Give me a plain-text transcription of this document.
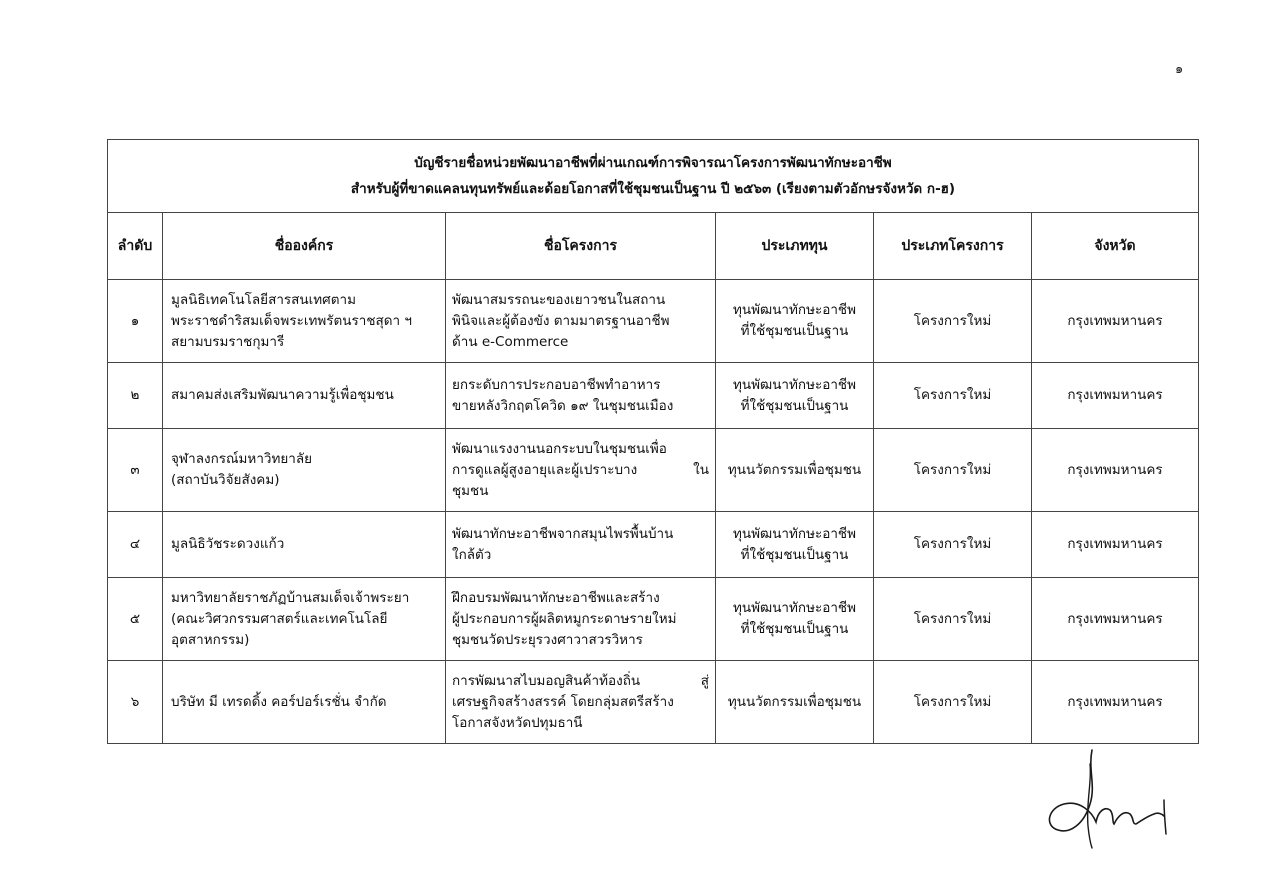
๑
บัญชีรายชื่อหน่วยพัฒนาอาชีพที่ผ่านเกณฑ์การพิจารณาโครงการพัฒนาทักษะอาชีพ
สำหรับผู้ที่ขาดแคลนทุนทรัพย์และด้อยโอกาสที่ใช้ชุมชนเป็นฐาน ปี ๒๕๖๓ (เรียงตามตัวอักษรจังหวัด ก-ฮ)					

ลำดับ	ชื่อองค์กร	ชื่อโครงการ	ประเภททุน	ประเภทโครงการ	จังหวัด
๑	มูลนิธิเทคโนโลยีสารสนเทศตาม
พระราชดำริสมเด็จพระเทพรัตนราชสุดา ฯ
สยามบรมราชกุมารี	พัฒนาสมรรถนะของเยาวชนในสถาน
พินิจและผู้ต้องขัง ตามมาตรฐานอาชีพ
ด้าน e-Commerce	ทุนพัฒนาทักษะอาชีพ
ที่ใช้ชุมชนเป็นฐาน	โครงการใหม่	กรุงเทพมหานคร
๒	สมาคมส่งเสริมพัฒนาความรู้เพื่อชุมชน	ยกระดับการประกอบอาชีพทำอาหาร
ขายหลังวิกฤตโควิด ๑๙ ในชุมชนเมือง	ทุนพัฒนาทักษะอาชีพ
ที่ใช้ชุมชนเป็นฐาน	โครงการใหม่	กรุงเทพมหานคร
๓	จุฬาลงกรณ์มหาวิทยาลัย
(สถาบันวิจัยสังคม)	พัฒนาแรงงานนอกระบบในชุมชนเพื่อ
การดูแลผู้สูงอายุและผู้เปราะบาง ใน
ชุมชน	ทุนนวัตกรรมเพื่อชุมชน	โครงการใหม่	กรุงเทพมหานคร
๔	มูลนิธิวัชระดวงแก้ว	พัฒนาทักษะอาชีพจากสมุนไพรพื้นบ้าน
ใกล้ตัว	ทุนพัฒนาทักษะอาชีพ
ที่ใช้ชุมชนเป็นฐาน	โครงการใหม่	กรุงเทพมหานคร
๕	มหาวิทยาลัยราชภัฏบ้านสมเด็จเจ้าพระยา
(คณะวิศวกรรมศาสตร์และเทคโนโลยี
อุตสาหกรรม)	ฝึกอบรมพัฒนาทักษะอาชีพและสร้าง
ผู้ประกอบการผู้ผลิตหมูกระดาษรายใหม่
ชุมชนวัดประยุรวงศาวาสวรวิหาร	ทุนพัฒนาทักษะอาชีพ
ที่ใช้ชุมชนเป็นฐาน	โครงการใหม่	กรุงเทพมหานคร
๖	บริษัท มี เทรดดิ้ง คอร์ปอร์เรชั่น จำกัด	การพัฒนาสไบมอญสินค้าท้องถิ่น สู่
เศรษฐกิจสร้างสรรค์ โดยกลุ่มสตรีสร้าง
โอกาสจังหวัดปทุมธานี	ทุนนวัตกรรมเพื่อชุมชน	โครงการใหม่	กรุงเทพมหานคร
